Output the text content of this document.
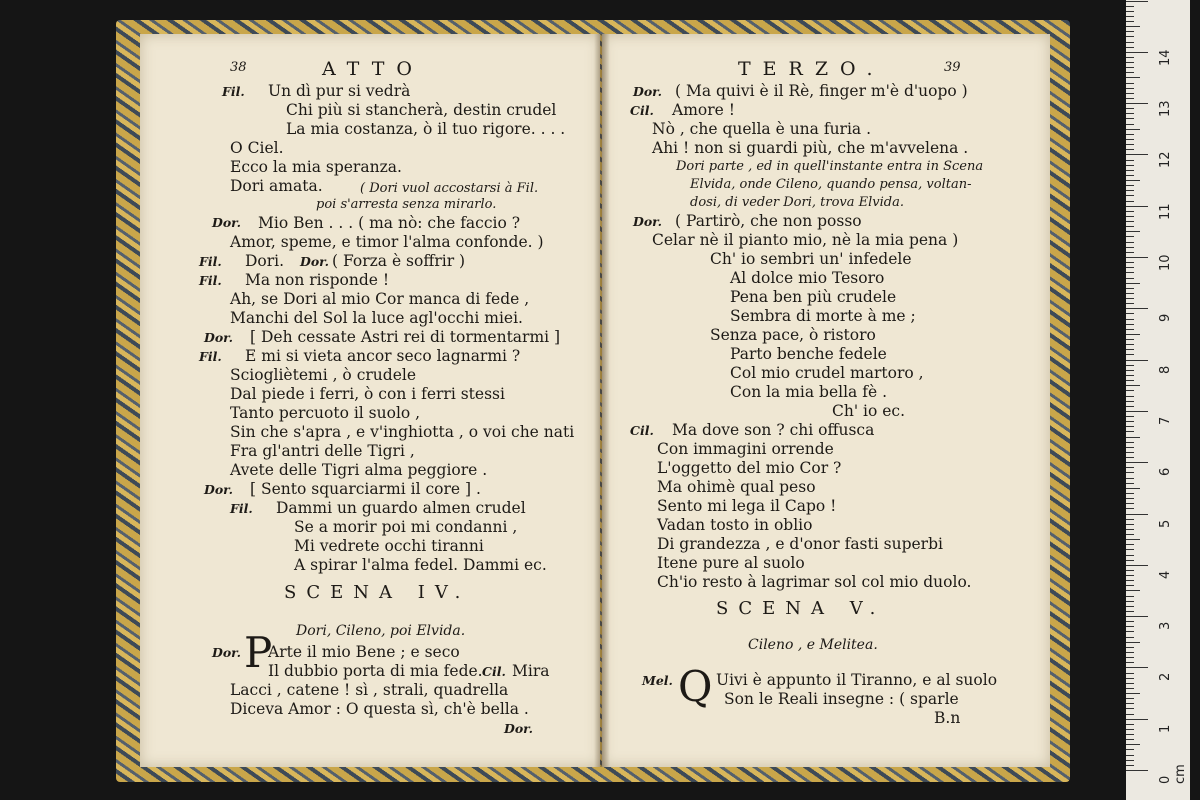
38	ATTO
( Dori vuol accostarsi à Fil.
poi s'arresta senza mirarlo.
Dor.
Dor. ( Forza è soffrir )
SCENA IV.
Dori, Cileno, poi Elvida.
Dor. P
Arte il mio Bene ; e seco
Il dubbio porta di mia fede. Cil. Mira
Lacci , catene ! sì , strali, quadrella
Diceva Amor : O questa sì, ch'è bella .
Dor.
Fil. Un dì pur si vedrà
Chi più si stancherà, destin crudel
La mia costanza, ò il tuo rigore. . . .
O Ciel.
Ecco la mia speranza.
Dori amata.
Mio Ben . . . ( ma nò: che faccio ?
Amor, speme, e timor l'alma confonde. )
Fil. Dori.
Fil. Ma non risponde !
Ah, se Dori al mio Cor manca di fede ,
Manchi del Sol la luce agl'occhi miei.
Dor. [ Deh cessate Astri rei di tormentarmi ]
Fil. E mi si vieta ancor seco lagnarmi ?
Sciogliètemi , ò crudele
Dal piede i ferri, ò con i ferri stessi
Tanto percuoto il suolo ,
Sin che s'apra , e v'inghiotta , o voi che nati
Fra gl'antri delle Tigri ,
Avete delle Tigri alma peggiore .
Dor. [ Sento squarciarmi il core ] .
Fil. Dammi un guardo almen crudel
Se a morir poi mi condanni ,
Mi vedrete occhi tiranni
A spirar l'alma fedel. Dammi ec.
TERZO.	39
Dori parte , ed in quell'instante entra in Scena
Elvida, onde Cileno, quando pensa, voltan-
dosi, di veder Dori, trova Elvida.
SCENA V.
Cileno , e Melitea.
Mel. Q Uivi è appunto il Tiranno, e al suolo
Son le Reali insegne : ( sparle
B.n
Dor. ( Ma quivi è il Rè, finger m'è d'uopo )
Cil. Amore !
Nò , che quella è una furia .
Ahi ! non si guardi più, che m'avvelena .
Dor. ( Partirò, che non posso
Celar nè il pianto mio, nè la mia pena )
Ch' io sembri un' infedele
Al dolce mio Tesoro
Pena ben più crudele
Sembra di morte à me ;
Senza pace, ò ristoro
Parto benche fedele
Col mio crudel martoro ,
Con la mia bella fè .
Ch' io ec.
Cil. Ma dove son ? chi offusca
Con immagini orrende
L'oggetto del mio Cor ?
Ma ohimè qual peso
Sento mi lega il Capo !
Vadan tosto in oblio
Di grandezza , e d'onor fasti superbi
Itene pure al suolo
Ch'io resto à lagrimar sol col mio duolo.
14
13
12
11
10
9
8
7
6
5
4
3
2
1
0 cm
